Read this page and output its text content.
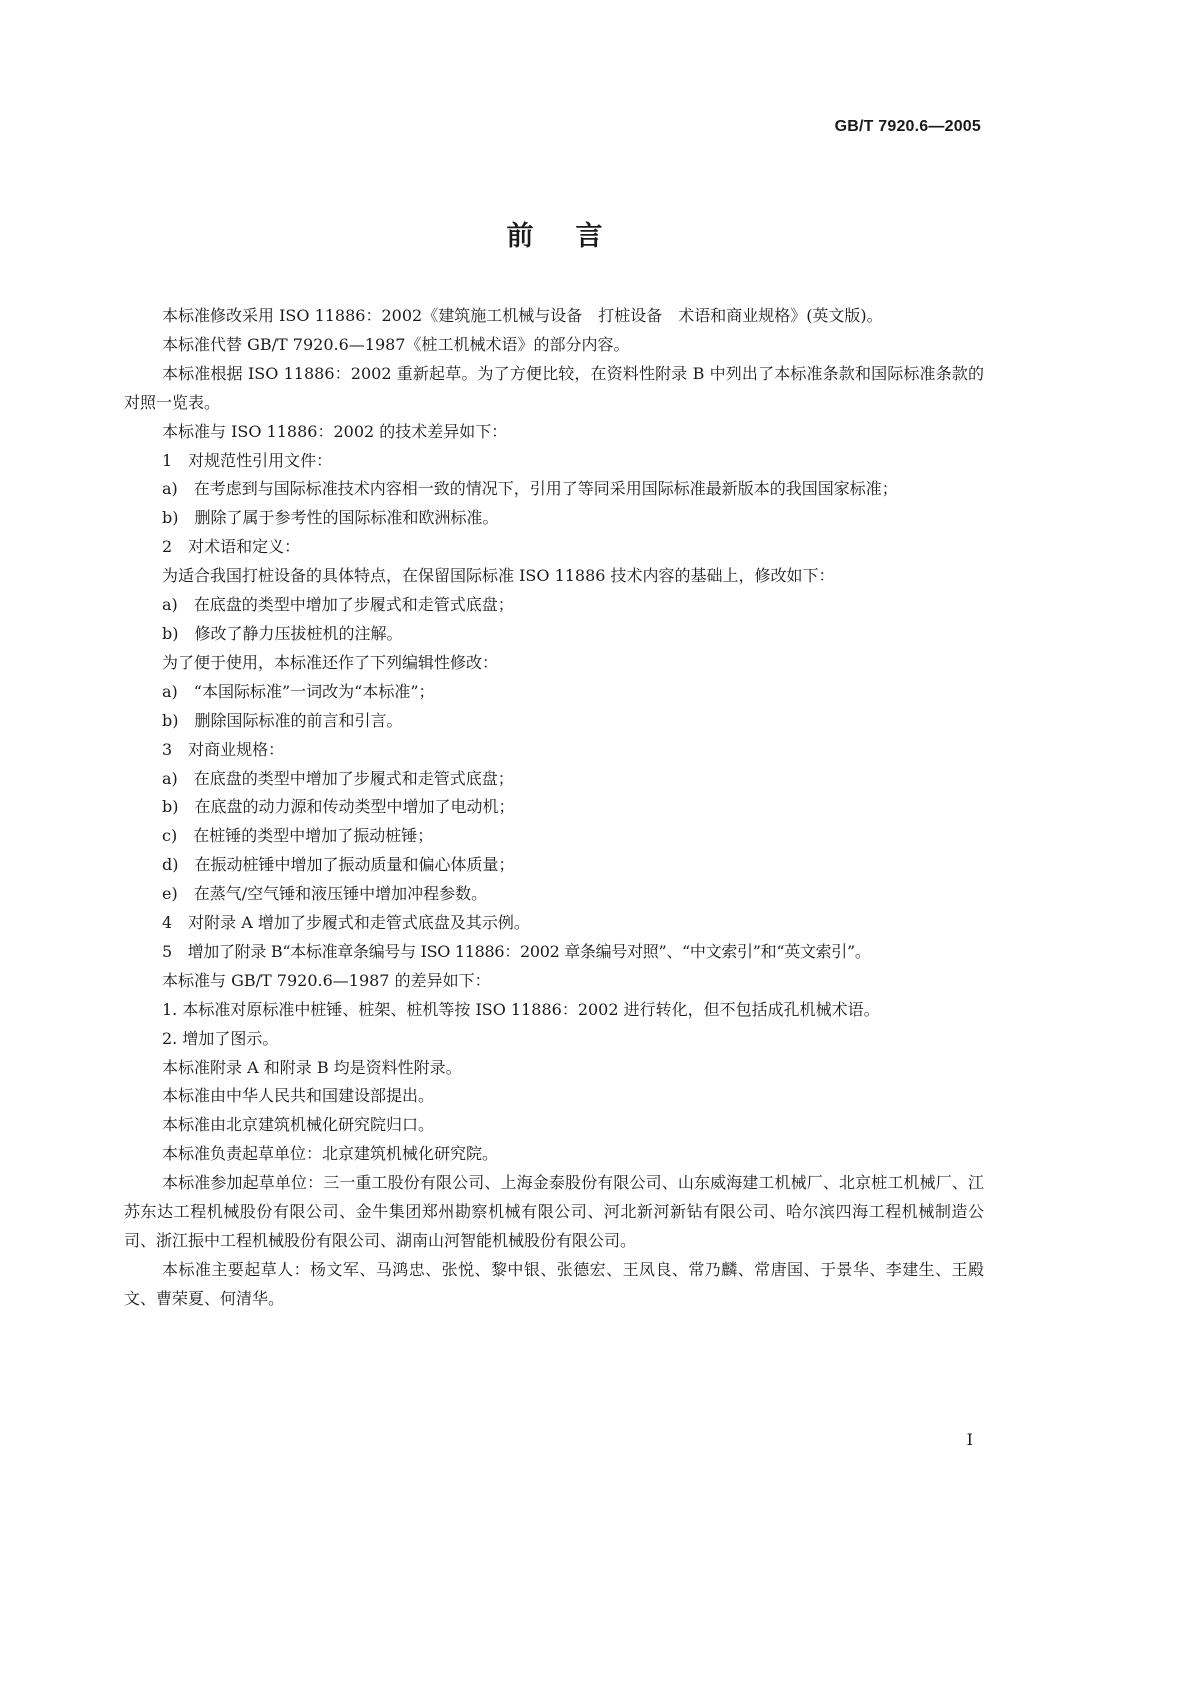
GB/T 7920.6—2005
前言

本标准修改采用 ISO 11886：2002《建筑施工机械与设备　打桩设备　术语和商业规格》(英文版)。

本标准代替 GB/T 7920.6—1987《桩工机械术语》的部分内容。

本标准根据 ISO 11886：2002 重新起草。为了方便比较，在资料性附录 B 中列出了本标准条款和国际标准条款的对照一览表。

本标准与 ISO 11886：2002 的技术差异如下：

1　对规范性引用文件：

a)　在考虑到与国际标准技术内容相一致的情况下，引用了等同采用国际标准最新版本的我国国家标准；

b)　删除了属于参考性的国际标准和欧洲标准。

2　对术语和定义：

为适合我国打桩设备的具体特点，在保留国际标准 ISO 11886 技术内容的基础上，修改如下：

a)　在底盘的类型中增加了步履式和走管式底盘；

b)　修改了静力压拔桩机的注解。

为了便于使用，本标准还作了下列编辑性修改：

a)　“本国际标准”一词改为“本标准”；

b)　删除国际标准的前言和引言。

3　对商业规格：

a)　在底盘的类型中增加了步履式和走管式底盘；

b)　在底盘的动力源和传动类型中增加了电动机；

c)　在桩锤的类型中增加了振动桩锤；

d)　在振动桩锤中增加了振动质量和偏心体质量；

e)　在蒸气/空气锤和液压锤中增加冲程参数。

4　对附录 A 增加了步履式和走管式底盘及其示例。

5　增加了附录 B“本标准章条编号与 ISO 11886：2002 章条编号对照”、“中文索引”和“英文索引”。

本标准与 GB/T 7920.6—1987 的差异如下：

1. 本标准对原标准中桩锤、桩架、桩机等按 ISO 11886：2002 进行转化，但不包括成孔机械术语。

2. 增加了图示。

本标准附录 A 和附录 B 均是资料性附录。

本标准由中华人民共和国建设部提出。

本标准由北京建筑机械化研究院归口。

本标准负责起草单位：北京建筑机械化研究院。

本标准参加起草单位：三一重工股份有限公司、上海金泰股份有限公司、山东威海建工机械厂、北京桩工机械厂、江苏东达工程机械股份有限公司、金牛集团郑州勘察机械有限公司、河北新河新钻有限公司、哈尔滨四海工程机械制造公司、浙江振中工程机械股份有限公司、湖南山河智能机械股份有限公司。

本标准主要起草人：杨文军、马鸿忠、张悦、黎中银、张德宏、王凤良、常乃麟、常唐国、于景华、李建生、王殿文、曹荣夏、何清华。

I
